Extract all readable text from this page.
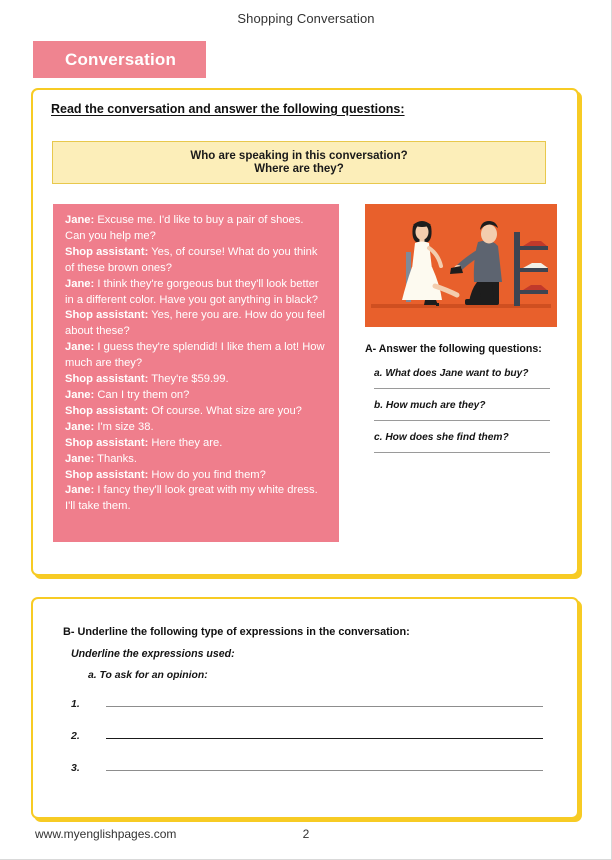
Shopping Conversation
Conversation
Read the conversation and answer the following questions:
Who are speaking in this conversation?
Where are they?
Jane: Excuse me. I'd like to buy a pair of shoes. Can you help me?
Shop assistant: Yes, of course! What do you think of these brown ones?
Jane: I think they're gorgeous but they'll look better in a different color. Have you got anything in black?
Shop assistant: Yes, here you are. How do you feel about these?
Jane: I guess they're splendid! I like them a lot! How much are they?
Shop assistant: They're $59.99.
Jane: Can I try them on?
Shop assistant: Of course. What size are you?
Jane: I'm size 38.
Shop assistant: Here they are.
Jane: Thanks.
Shop assistant: How do you find them?
Jane: I fancy they'll look great with my white dress. I'll take them.
A- Answer the following questions:
a. What does Jane want to buy?
b. How much are they?
c. How does she find them?
B- Underline the following type of expressions in the conversation:
Underline the expressions used:
a. To ask for an opinion:
1.
2.
3.
www.myenglishpages.com	2
